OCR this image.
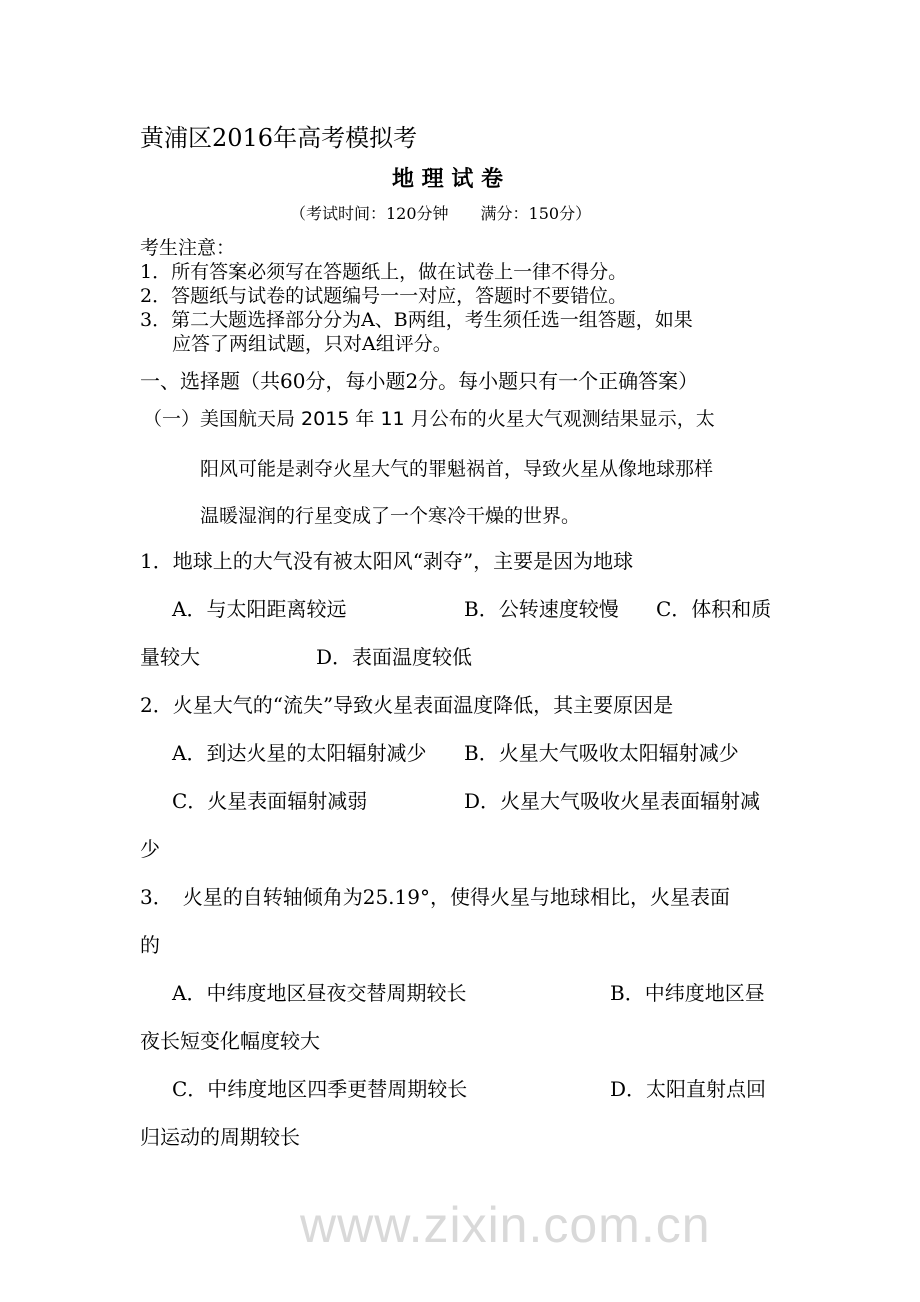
黄浦区2016年高考模拟考
地 理 试 卷
（考试时间：120分钟　　满分：150分）
考生注意：
1．所有答案必须写在答题纸上，做在试卷上一律不得分。
2．答题纸与试卷的试题编号一一对应，答题时不要错位。
3．第二大题选择部分分为A、B两组，考生须任选一组答题，如果
应答了两组试题，只对A组评分。
一、选择题（共60分，每小题2分。每小题只有一个正确答案）
（一）美国航天局 2015 年 11 月公布的火星大气观测结果显示，太
阳风可能是剥夺火星大气的罪魁祸首，导致火星从像地球那样
温暖湿润的行星变成了一个寒冷干燥的世界。
1．地球上的大气没有被太阳风“剥夺”，主要是因为地球
A．与太阳距离较远	B．公转速度较慢 C．体积和质
量较大	D．表面温度较低
2．火星大气的“流失”导致火星表面温度降低，其主要原因是
A．到达火星的太阳辐射减少 B．火星大气吸收太阳辐射减少
C．火星表面辐射减弱	D．火星大气吸收火星表面辐射减
少
3．　火星的自转轴倾角为25.19°，使得火星与地球相比，火星表面
的
A．中纬度地区昼夜交替周期较长	B．中纬度地区昼
夜长短变化幅度较大
C．中纬度地区四季更替周期较长	D．太阳直射点回
归运动的周期较长
www.zixin.com.cn
